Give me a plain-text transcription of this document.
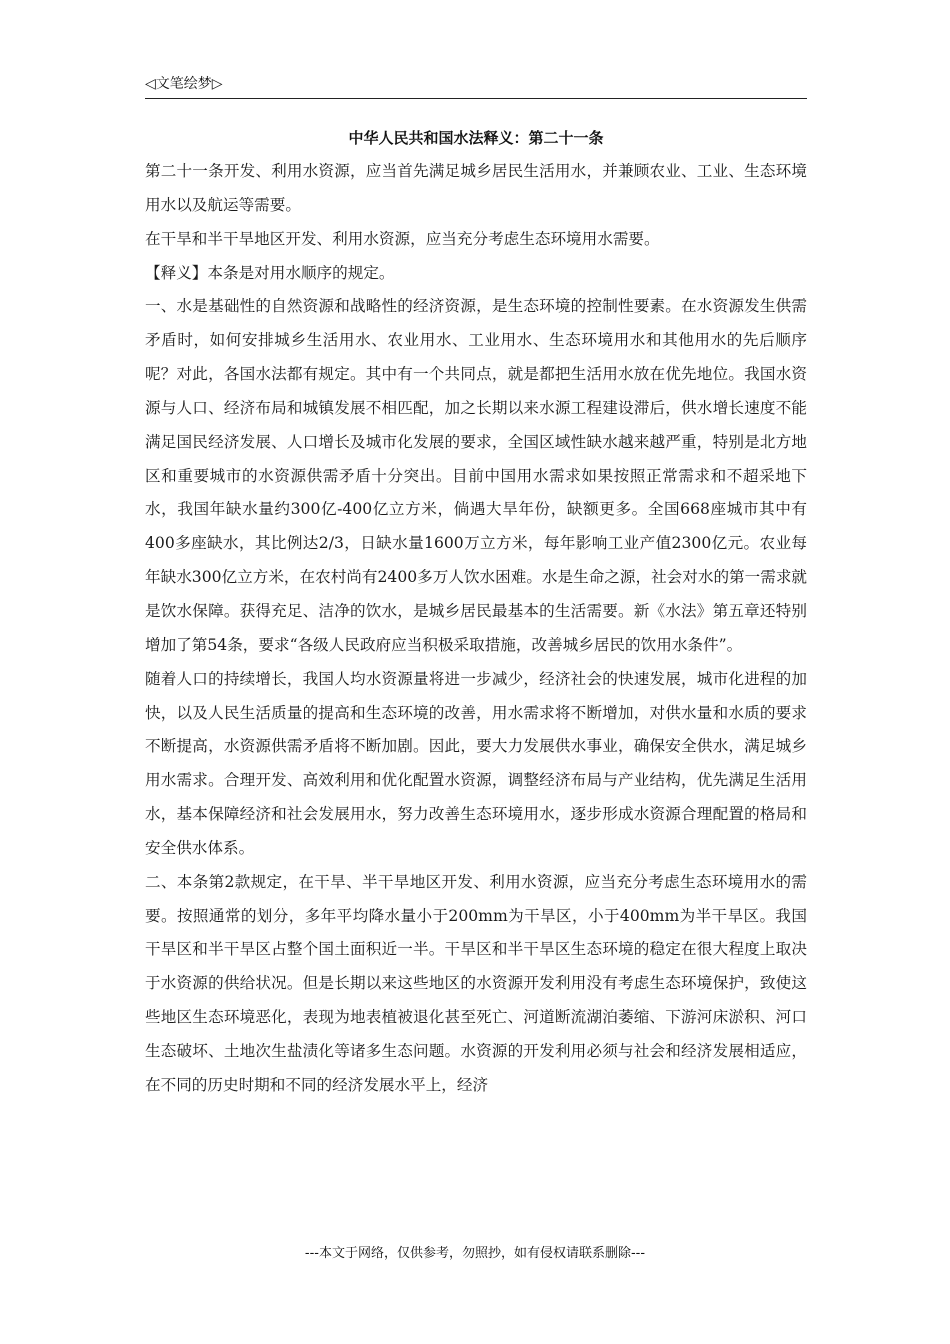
◁文笔绘梦▷
中华人民共和国水法释义：第二十一条

第二十一条开发、利用水资源，应当首先满足城乡居民生活用水，并兼顾农业、工业、生态环境用水以及航运等需要。

在干旱和半干旱地区开发、利用水资源，应当充分考虑生态环境用水需要。

【释义】本条是对用水顺序的规定。

一、水是基础性的自然资源和战略性的经济资源，是生态环境的控制性要素。在水资源发生供需矛盾时，如何安排城乡生活用水、农业用水、工业用水、生态环境用水和其他用水的先后顺序呢？对此，各国水法都有规定。其中有一个共同点，就是都把生活用水放在优先地位。我国水资源与人口、经济布局和城镇发展不相匹配，加之长期以来水源工程建设滞后，供水增长速度不能满足国民经济发展、人口增长及城市化发展的要求，全国区域性缺水越来越严重，特别是北方地区和重要城市的水资源供需矛盾十分突出。目前中国用水需求如果按照正常需求和不超采地下水，我国年缺水量约300亿-400亿立方米，倘遇大旱年份，缺额更多。全国668座城市其中有400多座缺水，其比例达2/3，日缺水量1600万立方米，每年影响工业产值2300亿元。农业每年缺水300亿立方米，在农村尚有2400多万人饮水困难。水是生命之源，社会对水的第一需求就是饮水保障。获得充足、洁净的饮水，是城乡居民最基本的生活需要。新《水法》第五章还特别增加了第54条，要求“各级人民政府应当积极采取措施，改善城乡居民的饮用水条件”。

随着人口的持续增长，我国人均水资源量将进一步减少，经济社会的快速发展，城市化进程的加快，以及人民生活质量的提高和生态环境的改善，用水需求将不断增加，对供水量和水质的要求不断提高，水资源供需矛盾将不断加剧。因此，要大力发展供水事业，确保安全供水，满足城乡用水需求。合理开发、高效利用和优化配置水资源，调整经济布局与产业结构，优先满足生活用水，基本保障经济和社会发展用水，努力改善生态环境用水，逐步形成水资源合理配置的格局和安全供水体系。

二、本条第2款规定，在干旱、半干旱地区开发、利用水资源，应当充分考虑生态环境用水的需要。按照通常的划分，多年平均降水量小于200mm为干旱区，小于400mm为半干旱区。我国干旱区和半干旱区占整个国土面积近一半。干旱区和半干旱区生态环境的稳定在很大程度上取决于水资源的供给状况。但是长期以来这些地区的水资源开发利用没有考虑生态环境保护，致使这些地区生态环境恶化，表现为地表植被退化甚至死亡、河道断流湖泊萎缩、下游河床淤积、河口生态破坏、土地次生盐渍化等诸多生态问题。水资源的开发利用必须与社会和经济发展相适应，在不同的历史时期和不同的经济发展水平上，经济

---本文于网络，仅供参考，勿照抄，如有侵权请联系删除---
